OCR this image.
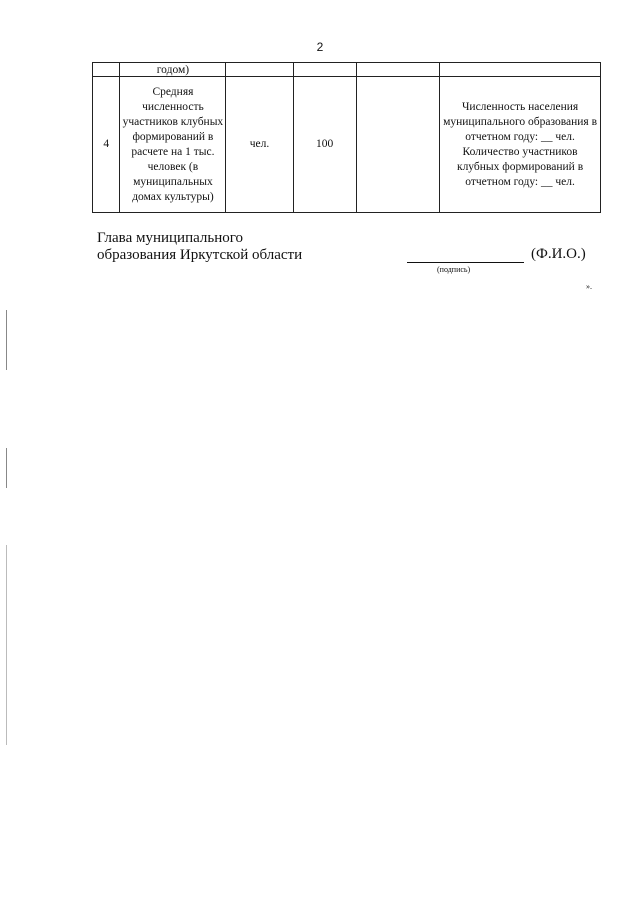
2
	годом)				
4	Средняя численность участников клубных формирований в расчете на 1 тыс. человек (в муниципальных домах культуры)	чел.	100		Численность населения муниципального образования в отчетном году: __ чел.
Количество участников клубных формирований в отчетном году: __ чел.
Глава муниципального
образования Иркутской области
(подпись)
(Ф.И.О.)
».
